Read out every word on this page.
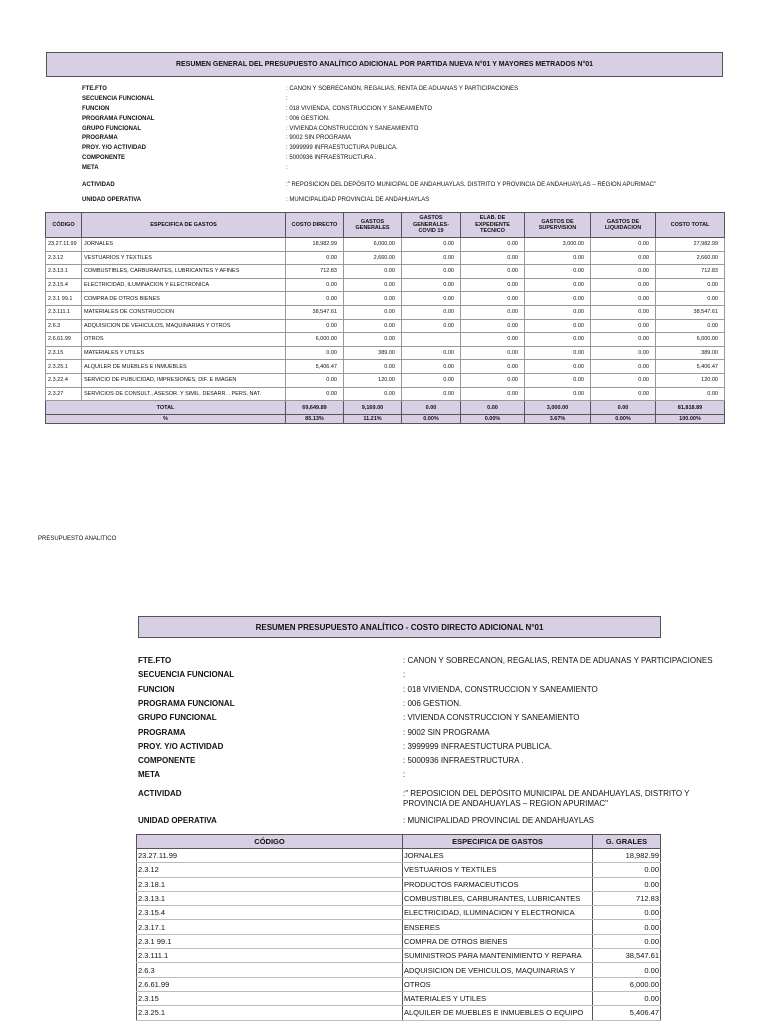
RESUMEN GENERAL DEL PRESUPUESTO ANALÍTICO ADICIONAL POR PARTIDA NUEVA N°01 Y MAYORES METRADOS N°01
FTE.FTO	: CANON Y SOBRECANON, REGALIAS, RENTA DE ADUANAS Y PARTICIPACIONES
SECUENCIA FUNCIONAL	:
FUNCION	: 018 VIVIENDA, CONSTRUCCION Y SANEAMIENTO
PROGRAMA FUNCIONAL	: 006 GESTION.
GRUPO FUNCIONAL	: VIVIENDA CONSTRUCCION Y SANEAMIENTO
PROGRAMA	: 9002 SIN PROGRAMA
PROY. Y/O ACTIVIDAD	: 3999999 INFRAESTUCTURA PUBLICA.
COMPONENTE	: 5000936 INFRAESTRUCTURA .
META	:
ACTIVIDAD	:" REPOSICION DEL DEPÓSITO MUNICIPAL DE ANDAHUAYLAS, DISTRITO Y PROVINCIA DE ANDAHUAYLAS – REGION APURIMAC"
UNIDAD OPERATIVA	: MUNICIPALIDAD PROVINCIAL DE ANDAHUAYLAS
CÓDIGO	ESPECIFICA DE GASTOS	COSTO DIRECTO	GASTOS GENERALES	GASTOS GENERALES- COVID 19	ELAB. DE EXPEDIENTE TECNICO	GASTOS DE SUPERVISION	GASTOS DE LIQUIDACION	COSTO TOTAL
23.27.11.99	JORNALES	18,982.99	6,000.00	0.00	0.00	3,000.00	0.00	27,982.99
2.3.12	VESTUARIOS Y TEXTILES	0.00	2,660.00	0.00	0.00	0.00	0.00	2,660.00
2.3.13.1	COMBUSTIBLES, CARBURANTES, LUBRICANTES Y AFINES	712.83	0.00	0.00	0.00	0.00	0.00	712.83
2.3.15.4	ELECTRICIDAD, ILUMINACION Y ELECTRONICA	0.00	0.00	0.00	0.00	0.00	0.00	0.00
2.3.1 99.1	COMPRA DE OTROS BIENES	0.00	0.00	0.00	0.00	0.00	0.00	0.00
2.3.111.1	MATERIALES DE CONSTRUCCION	38,547.61	0.00	0.00	0.00	0.00	0.00	38,547.61
2.6.3	ADQUISICION DE VEHICULOS, MAQUINARIAS Y OTROS	0.00	0.00	0.00	0.00	0.00	0.00	0.00
2.6.61.99	OTROS	6,000.00	0.00		0.00	0.00	0.00	6,000.00
2.3.15	MATERIALES Y UTILES	0.00	389.00	0.00	0.00	0.00	0.00	389.00
2.3.25.1	ALQUILER DE MUEBLES E INMUEBLES	5,406.47	0.00	0.00	0.00	0.00	0.00	5,406.47
2.3.22.4	SERVICIO DE PUBLICIDAD, IMPRESIONES, DIF. E IMAGEN	0.00	120.00	0.00	0.00	0.00	0.00	120.00
2.3.27	SERVICIOS DE CONSULT., ASESOR. Y SIMIL. DESARR. . PERS. NAT.	0.00	0.00	0.00	0.00	0.00	0.00	0.00
TOTAL		69,649.89	9,169.00	0.00	0.00	3,000.00	0.00	81,818.89
%		85.13%	11.21%	0.00%	0.00%	3.67%	0.00%	100.00%
PRESUPUESTO ANALITICO
RESUMEN PRESUPUESTO ANALÍTICO - COSTO DIRECTO ADICIONAL N°01
FTE.FTO	: CANON Y SOBRECANON, REGALIAS, RENTA DE ADUANAS Y PARTICIPACIONES
SECUENCIA FUNCIONAL	:
FUNCION	: 018 VIVIENDA, CONSTRUCCION Y SANEAMIENTO
PROGRAMA FUNCIONAL	: 006 GESTION.
GRUPO FUNCIONAL	: VIVIENDA CONSTRUCCION Y SANEAMIENTO
PROGRAMA	: 9002 SIN PROGRAMA
PROY. Y/O ACTIVIDAD	: 3999999 INFRAESTUCTURA PUBLICA.
COMPONENTE	: 5000936 INFRAESTRUCTURA .
META	:
ACTIVIDAD	:" REPOSICION DEL DEPÓSITO MUNICIPAL DE ANDAHUAYLAS, DISTRITO Y
PROVINCIA DE ANDAHUAYLAS – REGION APURIMAC"
UNIDAD OPERATIVA	: MUNICIPALIDAD PROVINCIAL DE ANDAHUAYLAS
CÓDIGO	ESPECIFICA DE GASTOS	G. GRALES
23.27.11.99	JORNALES	18,982.99
2.3.12	VESTUARIOS Y TEXTILES	0.00
2.3.18.1	PRODUCTOS FARMACEUTICOS	0.00
2.3.13.1	COMBUSTIBLES, CARBURANTES, LUBRICANTES	712.83
2.3.15.4	ELECTRICIDAD, ILUMINACION Y ELECTRONICA	0.00
2.3.17.1	ENSERES	0.00
2.3.1 99.1	COMPRA DE OTROS BIENES	0.00
2.3.111.1	SUMINISTROS PARA MANTENIMIENTO Y REPARA	38,547.61
2.6.3	ADQUISICION DE VEHICULOS, MAQUINARIAS Y	0.00
2.6.61.99	OTROS	6,000.00
2.3.15	MATERIALES Y UTILES	0.00
2.3.25.1	ALQUILER DE MUEBLES E INMUEBLES O EQUIPO	5,406.47
